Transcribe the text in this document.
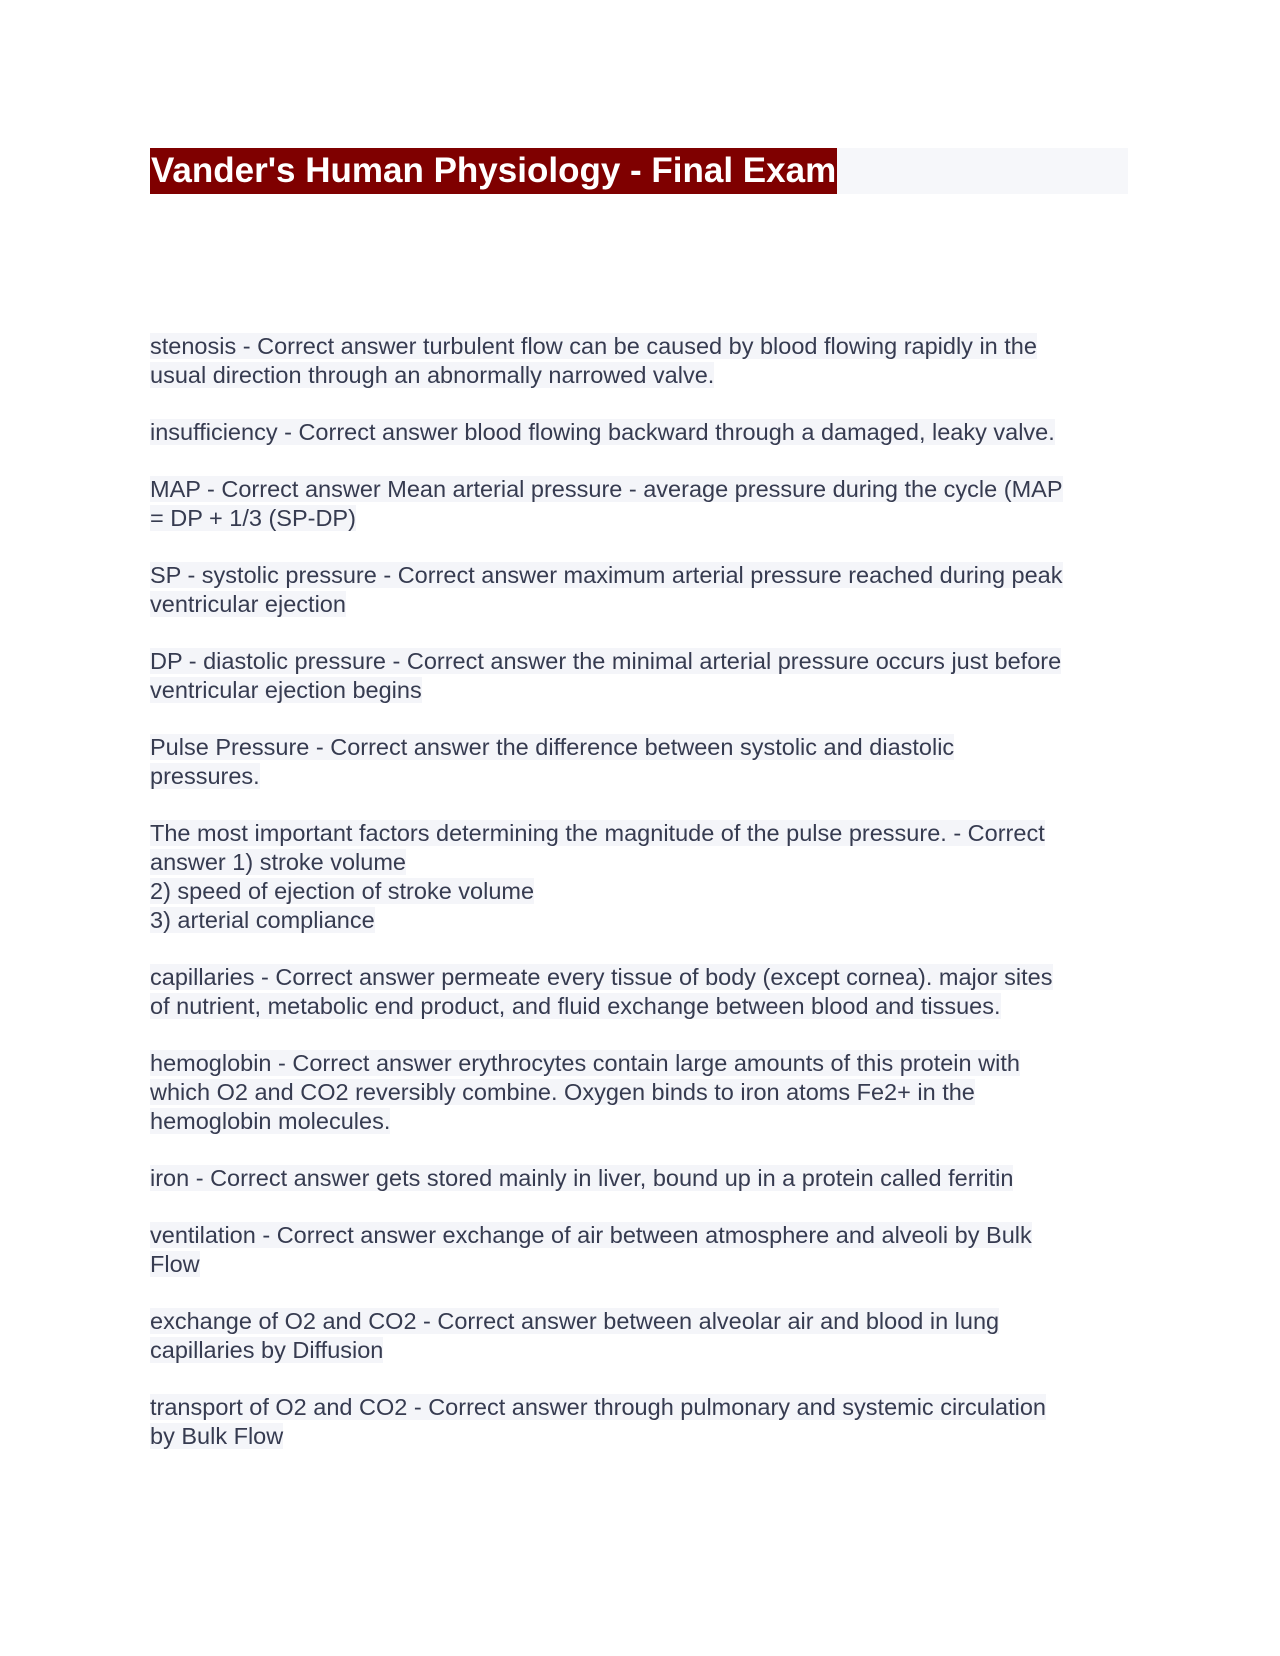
Vander's Human Physiology - Final Exam
stenosis - Correct answer turbulent flow can be caused by blood flowing rapidly in the
usual direction through an abnormally narrowed valve.
insufficiency - Correct answer blood flowing backward through a damaged, leaky valve.
MAP - Correct answer Mean arterial pressure - average pressure during the cycle (MAP
= DP + 1/3 (SP-DP)
SP - systolic pressure - Correct answer maximum arterial pressure reached during peak
ventricular ejection
DP - diastolic pressure - Correct answer the minimal arterial pressure occurs just before
ventricular ejection begins
Pulse Pressure - Correct answer the difference between systolic and diastolic
pressures.
The most important factors determining the magnitude of the pulse pressure. - Correct
answer 1) stroke volume
2) speed of ejection of stroke volume
3) arterial compliance
capillaries - Correct answer permeate every tissue of body (except cornea). major sites
of nutrient, metabolic end product, and fluid exchange between blood and tissues.
hemoglobin - Correct answer erythrocytes contain large amounts of this protein with
which O2 and CO2 reversibly combine. Oxygen binds to iron atoms Fe2+ in the
hemoglobin molecules.
iron - Correct answer gets stored mainly in liver, bound up in a protein called ferritin
ventilation - Correct answer exchange of air between atmosphere and alveoli by Bulk
Flow
exchange of O2 and CO2 - Correct answer between alveolar air and blood in lung
capillaries by Diffusion
transport of O2 and CO2 - Correct answer through pulmonary and systemic circulation
by Bulk Flow
